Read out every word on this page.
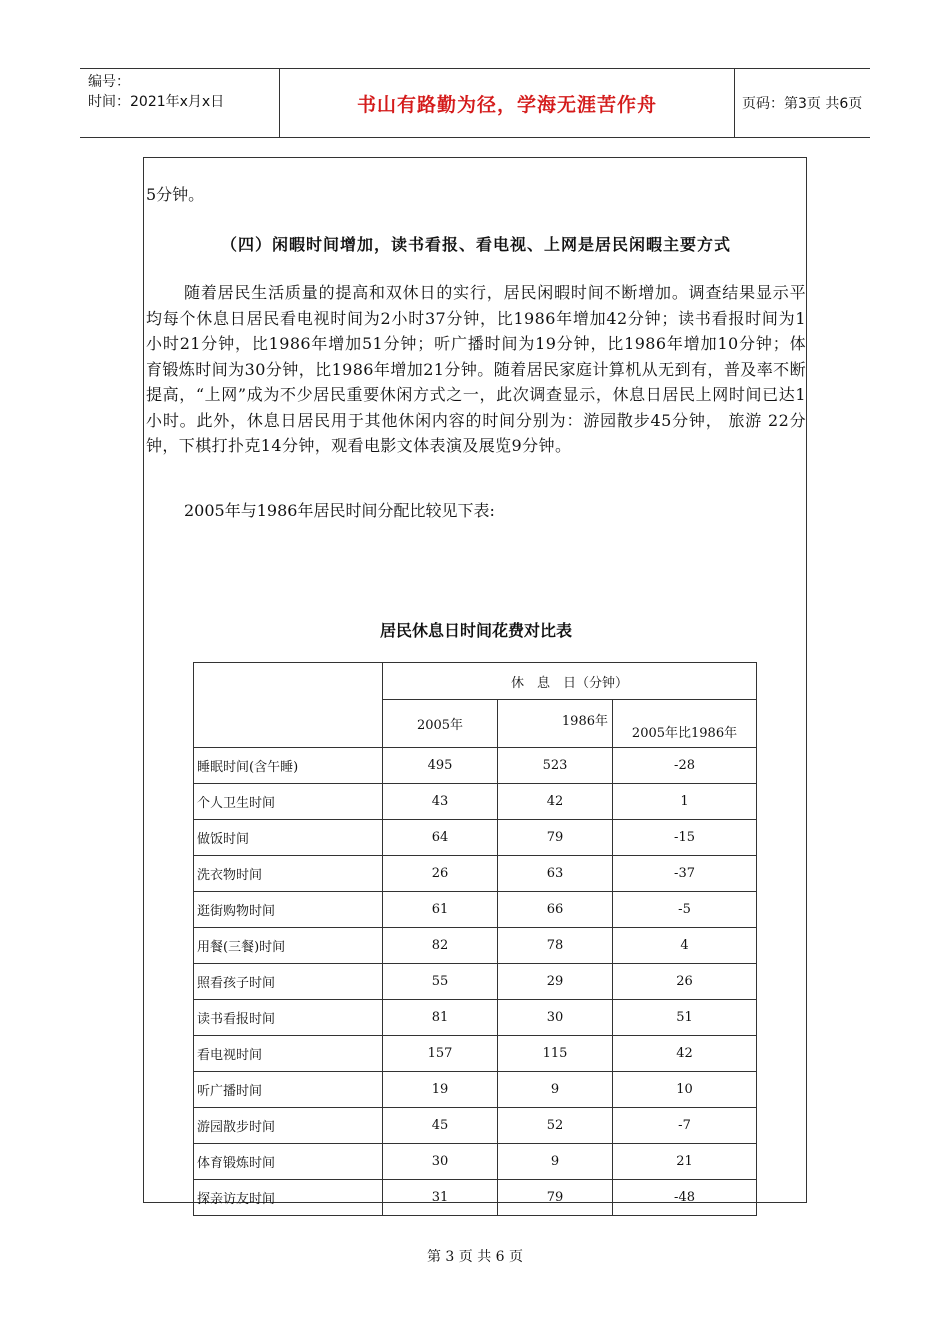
编号：
时间：2021年x月x日	书山有路勤为径，学海无涯苦作舟	页码：第3页 共6页
5分钟。
（四）闲暇时间增加，读书看报、看电视、上网是居民闲暇主要方式
随着居民生活质量的提高和双休日的实行，居民闲暇时间不断增加。调查结果显示平均每个休息日居民看电视时间为2小时37分钟，比1986年增加42分钟；读书看报时间为1小时21分钟，比1986年增加51分钟；听广播时间为19分钟，比1986年增加10分钟；体育锻炼时间为30分钟，比1986年增加21分钟。随着居民家庭计算机从无到有，普及率不断提高，“上网”成为不少居民重要休闲方式之一，此次调查显示，休息日居民上网时间已达1小时。此外，休息日居民用于其他休闲内容的时间分别为：游园散步45分钟， 旅游 22分钟，下棋打扑克14分钟，观看电影文体表演及展览9分钟。
2005年与1986年居民时间分配比较见下表:
居民休息日时间花费对比表
	休　息　日（分钟）		
	2005年	1986年	2005年比1986年
睡眠时间(含午睡)	495	523	-28
个人卫生时间	43	42	1
做饭时间	64	79	-15
洗衣物时间	26	63	-37
逛街购物时间	61	66	-5
用餐(三餐)时间	82	78	4
照看孩子时间	55	29	26
读书看报时间	81	30	51
看电视时间	157	115	42
听广播时间	19	9	10
游园散步时间	45	52	-7
体育锻炼时间	30	9	21
探亲访友时间	31	79	-48
第 3 页 共 6 页
